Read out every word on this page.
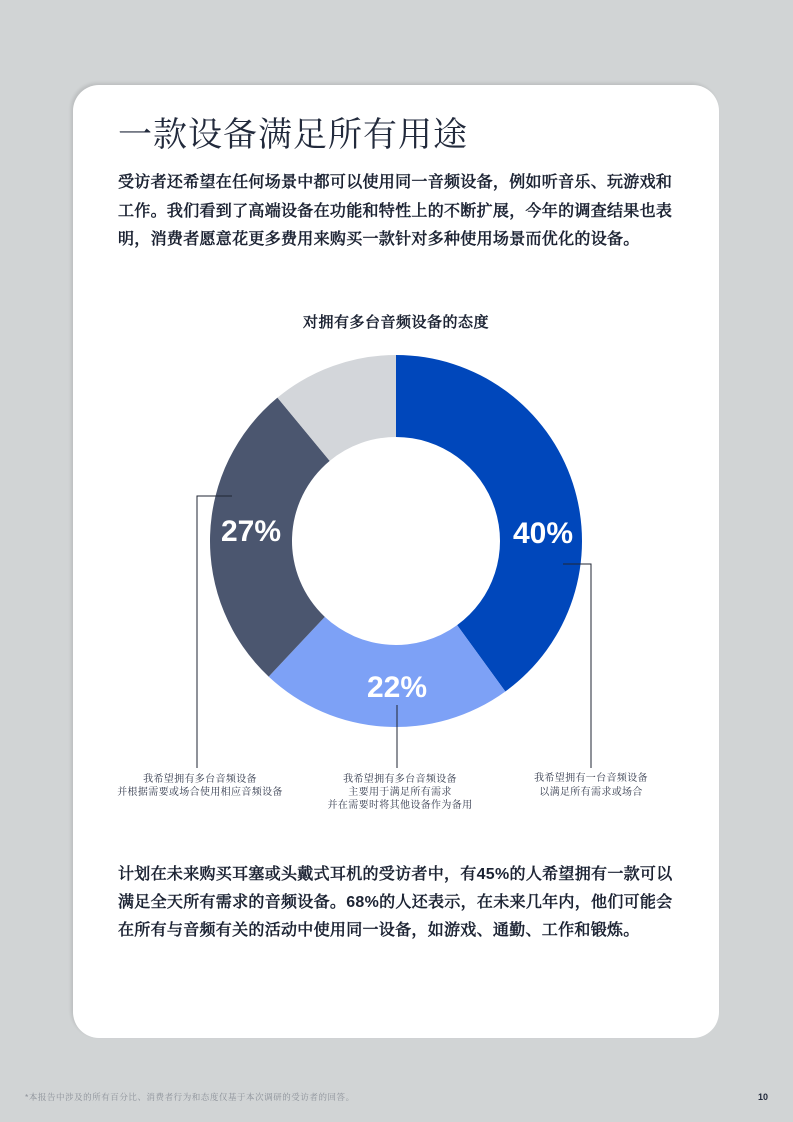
一款设备满足所有用途
受访者还希望在任何场景中都可以使用同一音频设备，例如听音乐、玩游戏和
工作。我们看到了高端设备在功能和特性上的不断扩展，今年的调查结果也表
明，消费者愿意花更多费用来购买一款针对多种使用场景而优化的设备。
对拥有多台音频设备的态度
40%
22%
27%
我希望拥有一台音频设备
以满足所有需求或场合
我希望拥有多台音频设备
主要用于满足所有需求
并在需要时将其他设备作为备用
我希望拥有多台音频设备
并根据需要或场合使用相应音频设备
计划在未来购买耳塞或头戴式耳机的受访者中，有45%的人希望拥有一款可以
满足全天所有需求的音频设备。68%的人还表示，在未来几年内，他们可能会
在所有与音频有关的活动中使用同一设备，如游戏、通勤、工作和锻炼。
*本报告中涉及的所有百分比、消费者行为和态度仅基于本次调研的受访者的回答。	10
